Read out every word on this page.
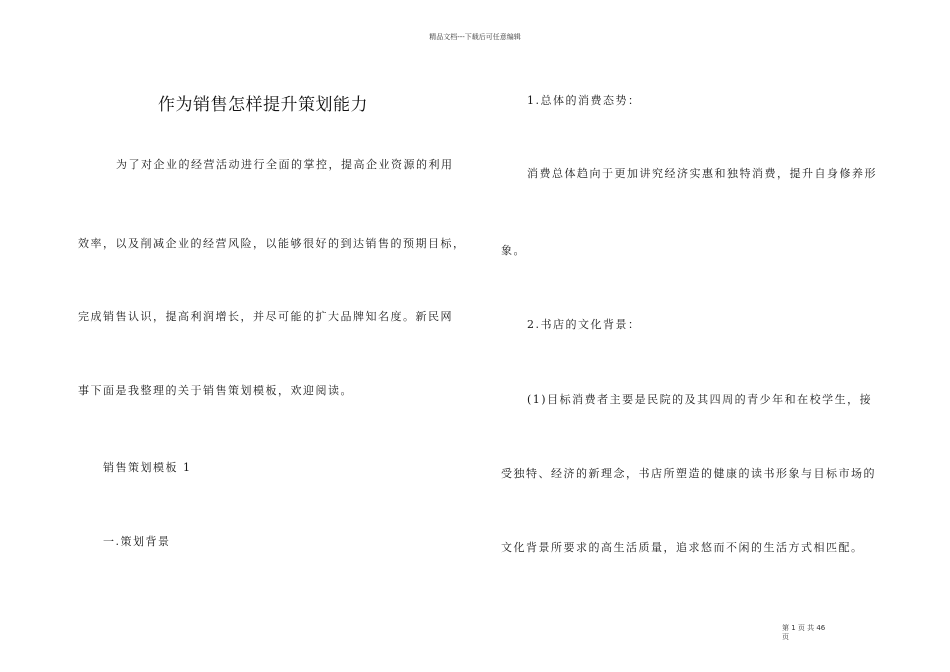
精品文档---下载后可任意编辑
作为销售怎样提升策划能力
为了对企业的经营活动进行全面的掌控，提高企业资源的利用
效率，以及削减企业的经营风险，以能够很好的到达销售的预期目标，
完成销售认识，提高利润增长，并尽可能的扩大品牌知名度。新民网
事下面是我整理的关于销售策划模板，欢迎阅读。
销售策划模板 1
一.策划背景
1.总体的消费态势：
消费总体趋向于更加讲究经济实惠和独特消费，提升自身修养形
象。
2.书店的文化背景：
(1)目标消费者主要是民院的及其四周的青少年和在校学生，接
受独特、经济的新理念，书店所塑造的健康的读书形象与目标市场的
文化背景所要求的高生活质量，追求悠而不闲的生活方式相匹配。
第 1 页 共 46
页
